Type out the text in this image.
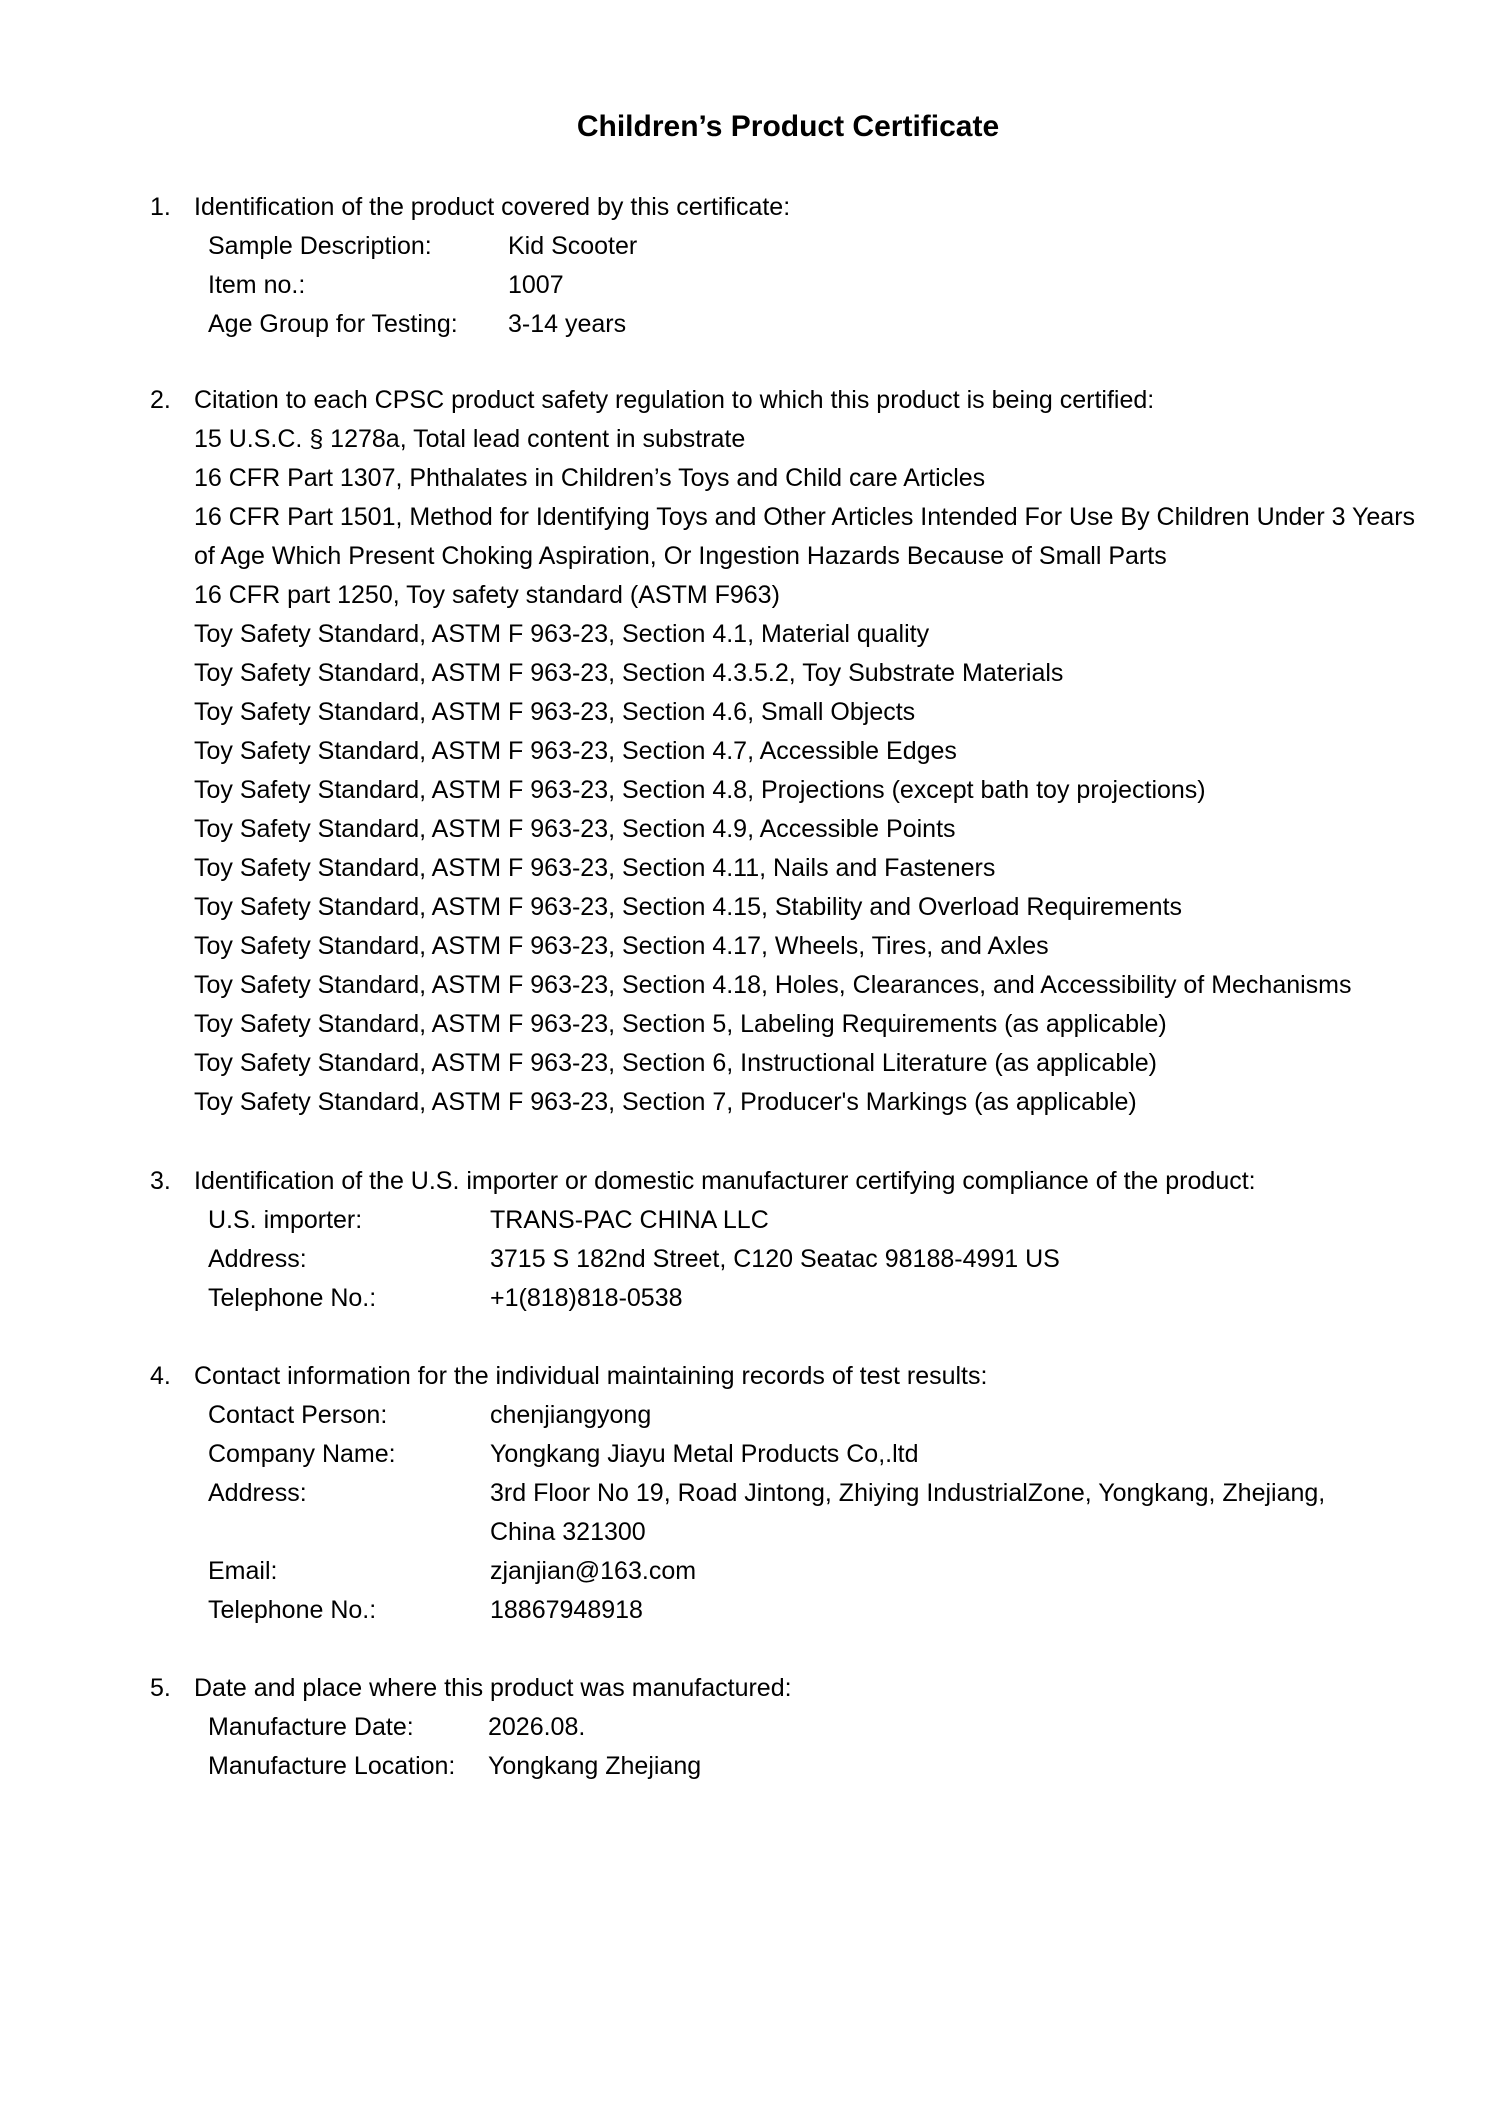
Children’s Product Certificate
1. Identification of the product covered by this certificate:
Sample Description:	Kid Scooter
Item no.:	1007
Age Group for Testing:	3-14 years
2. Citation to each CPSC product safety regulation to which this product is being certified:
15 U.S.C. § 1278a, Total lead content in substrate
16 CFR Part 1307, Phthalates in Children’s Toys and Child care Articles
16 CFR Part 1501, Method for Identifying Toys and Other Articles Intended For Use By Children Under 3 Years of Age Which Present Choking Aspiration, Or Ingestion Hazards Because of Small Parts
16 CFR part 1250, Toy safety standard (ASTM F963)
Toy Safety Standard, ASTM F 963-23, Section 4.1, Material quality
Toy Safety Standard, ASTM F 963-23, Section 4.3.5.2, Toy Substrate Materials
Toy Safety Standard, ASTM F 963-23, Section 4.6, Small Objects
Toy Safety Standard, ASTM F 963-23, Section 4.7, Accessible Edges
Toy Safety Standard, ASTM F 963-23, Section 4.8, Projections (except bath toy projections)
Toy Safety Standard, ASTM F 963-23, Section 4.9, Accessible Points
Toy Safety Standard, ASTM F 963-23, Section 4.11, Nails and Fasteners
Toy Safety Standard, ASTM F 963-23, Section 4.15, Stability and Overload Requirements
Toy Safety Standard, ASTM F 963-23, Section 4.17, Wheels, Tires, and Axles
Toy Safety Standard, ASTM F 963-23, Section 4.18, Holes, Clearances, and Accessibility of Mechanisms
Toy Safety Standard, ASTM F 963-23, Section 5, Labeling Requirements (as applicable)
Toy Safety Standard, ASTM F 963-23, Section 6, Instructional Literature (as applicable)
Toy Safety Standard, ASTM F 963-23, Section 7, Producer's Markings (as applicable)
3. Identification of the U.S. importer or domestic manufacturer certifying compliance of the product:
U.S. importer:	TRANS-PAC CHINA LLC
Address:	3715 S 182nd Street, C120 Seatac 98188-4991 US
Telephone No.:	+1(818)818-0538
4. Contact information for the individual maintaining records of test results:
Contact Person:	chenjiangyong
Company Name:	Yongkang Jiayu Metal Products Co,.ltd
Address:	3rd Floor No 19, Road Jintong, Zhiying IndustrialZone, Yongkang, Zhejiang, China 321300
Email:	zjanjian@163.com
Telephone No.:	18867948918
5. Date and place where this product was manufactured:
Manufacture Date:	2026.08.
Manufacture Location:	Yongkang Zhejiang
